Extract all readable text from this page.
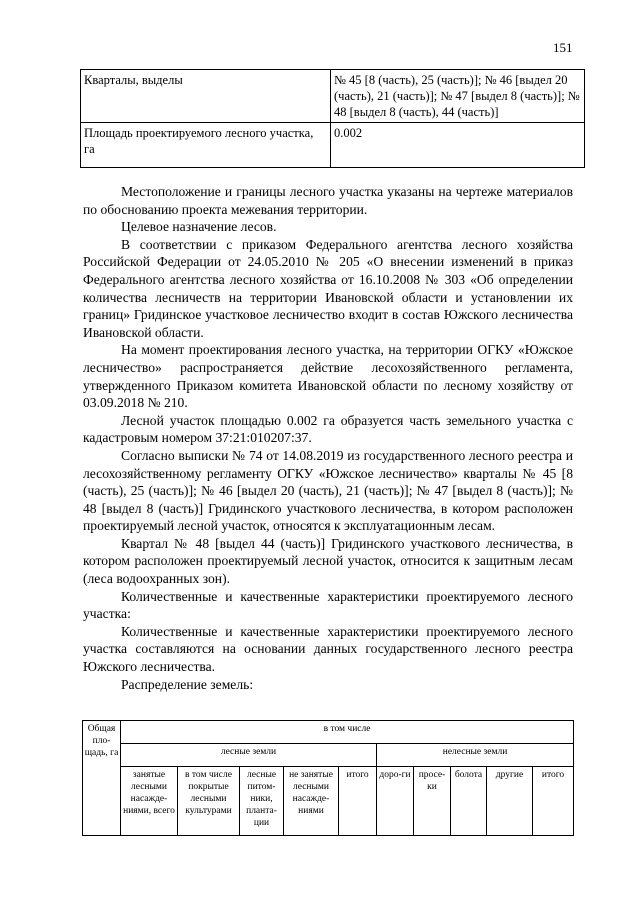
151
Кварталы, выделы	№ 45 [8 (часть), 25 (часть)]; № 46 [выдел 20 (часть), 21 (часть)]; № 47 [выдел 8 (часть)]; № 48 [выдел 8 (часть), 44 (часть)]
Площадь проектируемого лесного участка, га	0.002

Местоположение и границы лесного участка указаны на чертеже материалов по обоснованию проекта межевания территории.

Целевое назначение лесов.

В соответствии с приказом Федерального агентства лесного хозяйства Российской Федерации от 24.05.2010 № 205 «О внесении изменений в приказ Федерального агентства лесного хозяйства от 16.10.2008 № 303 «Об определении количества лесничеств на территории Ивановской области и установлении их границ» Гридинское участковое лесничество входит в состав Южского лесничества Ивановской области.

На момент проектирования лесного участка, на территории ОГКУ «Южское лесничество» распространяется действие лесохозяйственного регламента, утвержденного Приказом комитета Ивановской области по лесному хозяйству от 03.09.2018 № 210.

Лесной участок площадью 0.002 га образуется часть земельного участка с кадастровым номером 37:21:010207:37.

Согласно выписки № 74 от 14.08.2019 из государственного лесного реестра и лесохозяйственному регламенту ОГКУ «Южское лесничество» кварталы № 45 [8 (часть), 25 (часть)]; № 46 [выдел 20 (часть), 21 (часть)]; № 47 [выдел 8 (часть)]; № 48 [выдел 8 (часть)] Гридинского участкового лесничества, в котором расположен проектируемый лесной участок, относятся к эксплуатационным лесам.

Квартал № 48 [выдел 44 (часть)] Гридинского участкового лесничества, в котором расположен проектируемый лесной участок, относится к защитным лесам (леса водоохранных зон).

Количественные и качественные характеристики проектируемого лесного участка:

Количественные и качественные характеристики проектируемого лесного участка составляются на основании данных государственного лесного реестра Южского лесничества.

Распределение земель:

Общая пло-щадь, га	в том числе									
	лесные земли					нелесные земли				
	занятые лесными насажде-ниями, всего	в том числе покрытые лесными культурами	лесные питом-ники, планта-ции	не занятые лесными насажде-ниями	итого	доро-ги	просе-ки	болота	другие	итого
